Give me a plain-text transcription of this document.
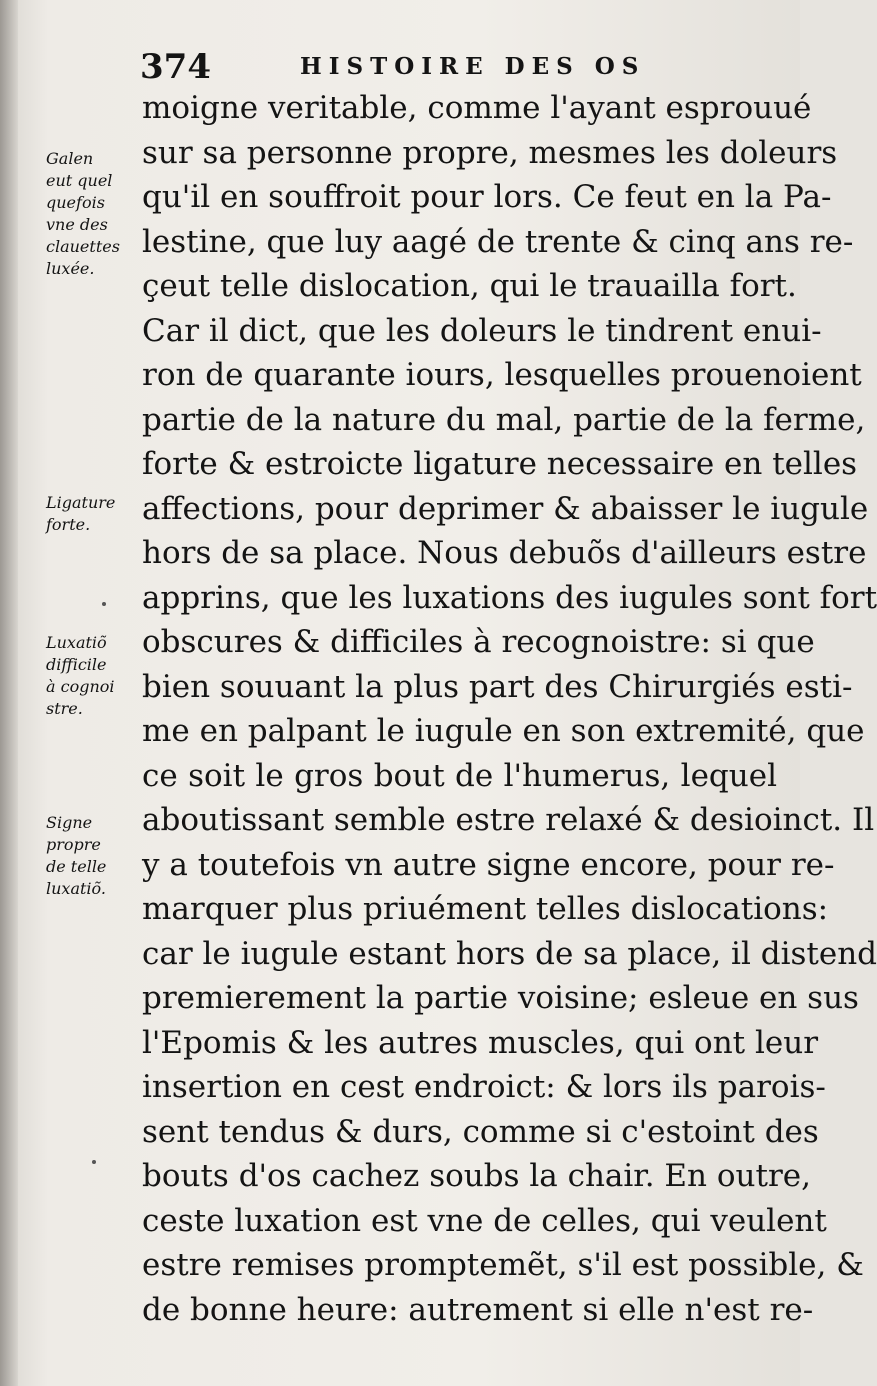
374	HISTOIRE DES OS
moigne veritable, comme l'ayant esprouué
sur sa personne propre, mesmes les doleurs
qu'il en souffroit pour lors. Ce feut en la Pa-
lestine, que luy aagé de trente & cinq ans re-
çeut telle dislocation, qui le trauailla fort.
Car il dict, que les doleurs le tindrent enui-
ron de quarante iours, lesquelles prouenoient
partie de la nature du mal, partie de la ferme,
forte & estroicte ligature necessaire en telles
affections, pour deprimer & abaisser le iugule
hors de sa place. Nous debuõs d'ailleurs estre
apprins, que les luxations des iugules sont fort
obscures & difficiles à recognoistre: si que
bien souuant la plus part des Chirurgiés esti-
me en palpant le iugule en son extremité, que
ce soit le gros bout de l'humerus, lequel
aboutissant semble estre relaxé & desioinct. Il
y a toutefois vn autre signe encore, pour re-
marquer plus priuément telles dislocations:
car le iugule estant hors de sa place, il distend
premierement la partie voisine; esleue en sus
l'Epomis & les autres muscles, qui ont leur
insertion en cest endroict: & lors ils parois-
sent tendus & durs, comme si c'estoint des
bouts d'os cachez soubs la chair. En outre,
ceste luxation est vne de celles, qui veulent
estre remises promptemẽt, s'il est possible, &
de bonne heure: autrement si elle n'est re-
Galen
eut quel
quefois
vne des
clauettes
luxée.
Ligature
forte.
Luxatiõ
difficile
à cognoi
stre.
Signe
propre
de telle
luxatiõ.
